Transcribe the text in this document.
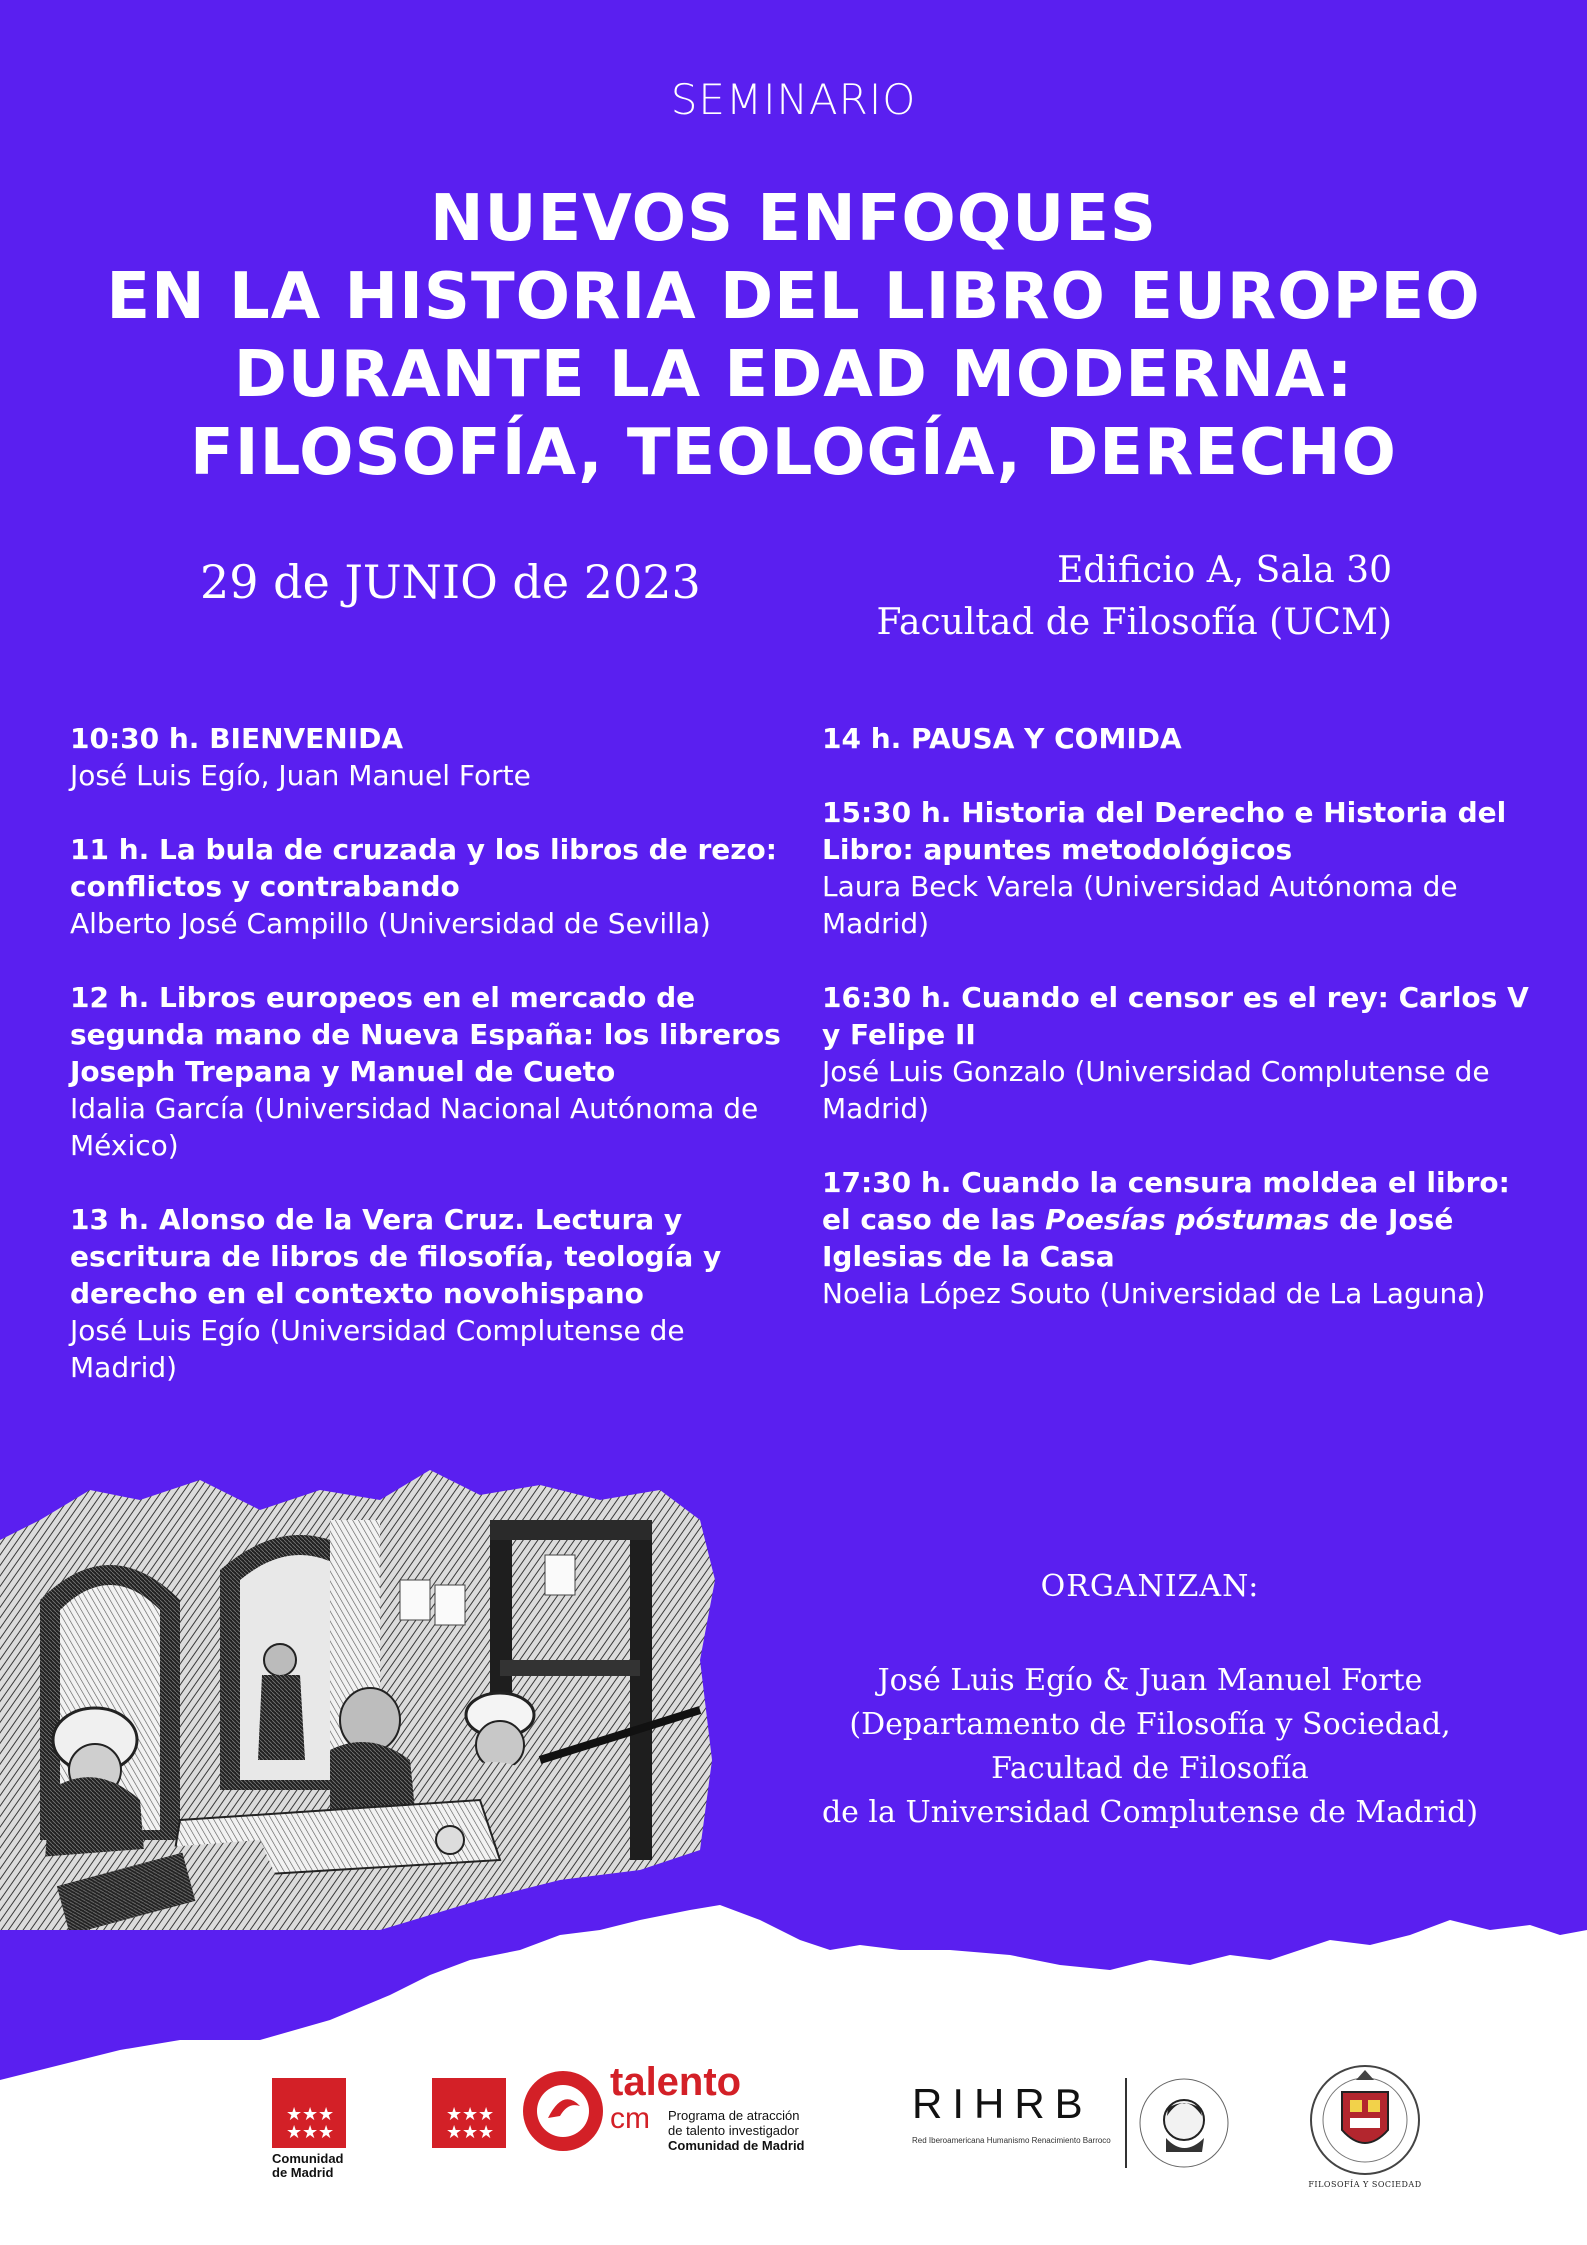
SEMINARIO
NUEVOS ENFOQUES
EN LA HISTORIA DEL LIBRO EUROPEO
DURANTE LA EDAD MODERNA:
FILOSOFÍA, TEOLOGÍA, DERECHO
29 de JUNIO de 2023	Edificio A, Sala 30
Facultad de Filosofía (UCM)
10:30 h. BIENVENIDA
José Luis Egío, Juan Manuel Forte
11 h. La bula de cruzada y los libros de rezo: conflictos y contrabando
Alberto José Campillo (Universidad de Sevilla)
12 h. Libros europeos en el mercado de segunda mano de Nueva España: los libreros Joseph Trepana y Manuel de Cueto
Idalia García (Universidad Nacional Autónoma de México)
13 h. Alonso de la Vera Cruz. Lectura y escritura de libros de filosofía, teología y derecho en el contexto novohispano
José Luis Egío (Universidad Complutense de Madrid)
14 h. PAUSA Y COMIDA
15:30 h. Historia del Derecho e Historia del Libro: apuntes metodológicos
Laura Beck Varela (Universidad Autónoma de Madrid)
16:30 h. Cuando el censor es el rey: Carlos V y Felipe II
José Luis Gonzalo (Universidad Complutense de Madrid)
17:30 h. Cuando la censura moldea el libro: el caso de las Poesías póstumas de José Iglesias de la Casa
Noelia López Souto (Universidad de La Laguna)
ORGANIZAN:
José Luis Egío & Juan Manuel Forte
(Departamento de Filosofía y Sociedad,
Facultad de Filosofía
de la Universidad Complutense de Madrid)
★ ★ ★
★ ★ ★
Comunidad
de Madrid
★ ★ ★
★ ★ ★
talento
cm Programa de atracción
de talento investigador
Comunidad de Madrid
RIHRB
Red Iberoamericana Humanismo Renacimiento Barroco
FILOSOFÍA Y SOCIEDAD
